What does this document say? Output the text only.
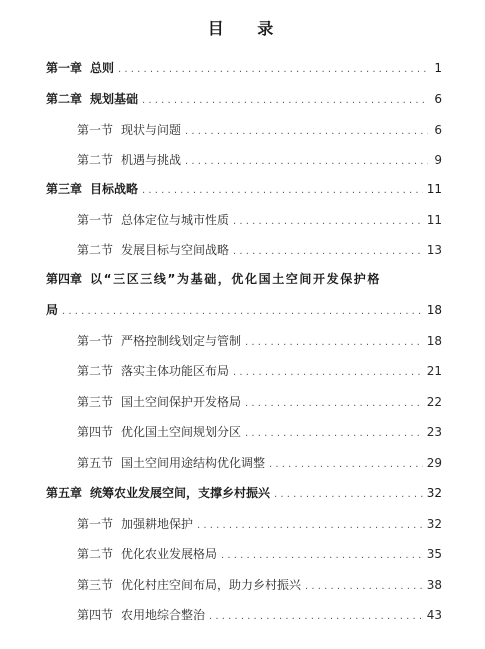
目 录
第一章 总则 . . .	1
第二章 规划基础 . . .	6
第一节 现状与问题 . . .	6
第二节 机遇与挑战 . . .	9
第三章 目标战略 . . .	11
第一节 总体定位与城市性质 . . .	11
第二节 发展目标与空间战略 . . .	13
第四章 以“三区三线”为基础，优化国土空间开发保护格
局 . . .	18
第一节 严格控制线划定与管制 . . .	18
第二节 落实主体功能区布局 . . .	21
第三节 国土空间保护开发格局 . . .	22
第四节 优化国土空间规划分区 . . .	23
第五节 国土空间用途结构优化调整 . . .	29
第五章 统筹农业发展空间，支撑乡村振兴 . . .	32
第一节 加强耕地保护 . . .	32
第二节 优化农业发展格局 . . .	35
第三节 优化村庄空间布局，助力乡村振兴 . . .	38
第四节 农用地综合整治 . . .	43
